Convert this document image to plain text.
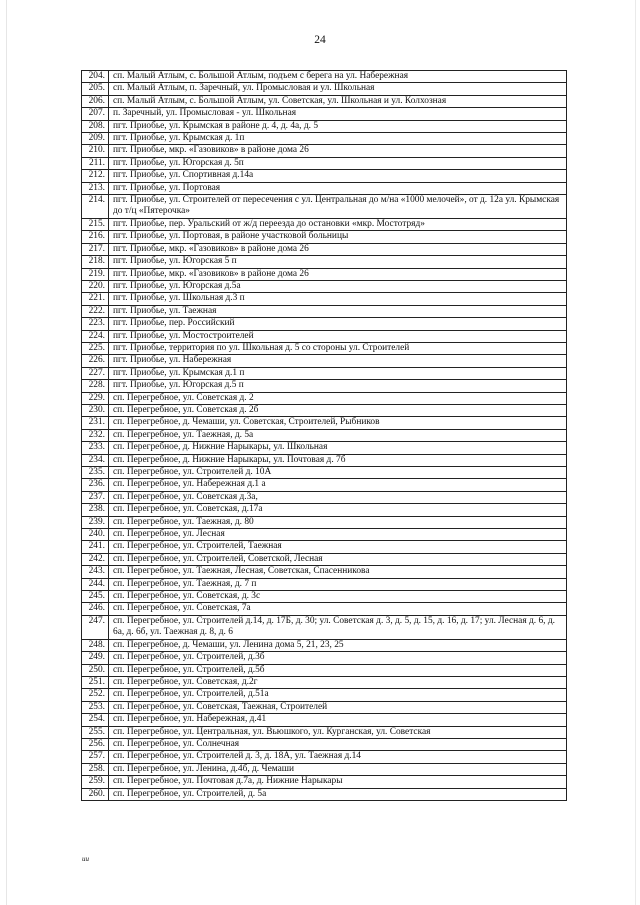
24
204.	сп. Малый Атлым, с. Большой Атлым, подъем с берега на ул. Набережная
205.	сп. Малый Атлым, п. Заречный, ул. Промысловая и ул. Школьная
206.	сп. Малый Атлым, с. Большой Атлым, ул. Советская, ул. Школьная и ул. Колхозная
207.	п. Заречный, ул. Промысловая - ул. Школьная
208.	пгт. Приобье, ул. Крымская в районе д. 4, д. 4а, д. 5
209.	пгт. Приобье, ул. Крымская д. 1п
210.	пгт. Приобье, мкр. «Газовиков» в районе дома 26
211.	пгт. Приобье, ул. Югорская д. 5п
212.	пгт. Приобье, ул. Спортивная д.14а
213.	пгт. Приобье, ул. Портовая
214.	пгт. Приобье, ул. Строителей от пересечения с ул. Центральная до м/на «1000 мелочей», от д. 12а ул. Крымская до т/ц «Пятерочка»
215.	пгт. Приобье, пер. Уральский от ж/д переезда до остановки «мкр. Мостотряд»
216.	пгт. Приобье, ул. Портовая, в районе участковой больницы
217.	пгт. Приобье, мкр. «Газовиков» в районе дома 26
218.	пгт. Приобье, ул. Югорская 5 п
219.	пгт. Приобье, мкр. «Газовиков» в районе дома 26
220.	пгт. Приобье, ул. Югорская д.5а
221.	пгт. Приобье, ул. Школьная д.3 п
222.	пгт. Приобье, ул. Таежная
223.	пгт. Приобье, пер. Российский
224.	пгт. Приобье, ул. Мостостроителей
225.	пгт. Приобье, территория по ул. Школьная д. 5 со стороны ул. Строителей
226.	пгт. Приобье, ул. Набережная
227.	пгт. Приобье, ул. Крымская д.1 п
228.	пгт. Приобье, ул. Югорская д.5 п
229.	сп. Перегребное, ул. Советская д. 2
230.	сп. Перегребное, ул. Советская д. 2б
231.	сп. Перегребное, д. Чемаши, ул. Советская, Строителей, Рыбников
232.	сп. Перегребное, ул. Таежная, д. 5а
233.	сп. Перегребное, д. Нижние Нарыкары, ул. Школьная
234.	сп. Перегребное, д. Нижние Нарыкары, ул. Почтовая д. 7б
235.	сп. Перегребное, ул. Строителей д. 10А
236.	сп. Перегребное, ул. Набережная д.1 а
237.	сп. Перегребное, ул. Советская д.3а,
238.	сп. Перегребное, ул. Советская, д.17а
239.	сп. Перегребное, ул. Таежная, д. 80
240.	сп. Перегребное, ул. Лесная
241.	сп. Перегребное, ул. Строителей, Таежная
242.	сп. Перегребное, ул. Строителей, Советской, Лесная
243.	сп. Перегребное, ул. Таежная, Лесная, Советская, Спасенникова
244.	сп. Перегребное, ул. Таежная, д. 7 п
245.	сп. Перегребное, ул. Советская, д. 3с
246.	сп. Перегребное, ул. Советская, 7а
247.	сп. Перегребное, ул. Строителей д.14, д. 17Б, д. 30; ул. Советская д. 3, д. 5, д. 15, д. 16, д. 17; ул. Лесная д. 6, д. 6а, д. 6б, ул. Таежная д. 8, д. 6
248.	сп. Перегребное, д. Чемаши, ул. Ленина дома 5, 21, 23, 25
249.	сп. Перегребное, ул. Строителей, д.3б
250.	сп. Перегребное, ул. Строителей, д.5б
251.	сп. Перегребное, ул. Советская, д.2г
252.	сп. Перегребное, ул. Строителей, д.51а
253.	сп. Перегребное, ул. Советская, Таежная, Строителей
254.	сп. Перегребное, ул. Набережная, д.41
255.	сп. Перегребное, ул. Центральная, ул. Вьюшкого, ул. Курганская, ул. Советская
256.	сп. Перегребное, ул. Солнечная
257.	сп. Перегребное, ул. Строителей д. 3, д. 18А, ул. Таежная д.14
258.	сп. Перегребное, ул. Ленина, д.4б, д. Чемаши
259.	сп. Перегребное, ул. Почтовая д.7а, д. Нижние Нарыкары
260.	сп. Перегребное, ул. Строителей, д. 5а
ии
